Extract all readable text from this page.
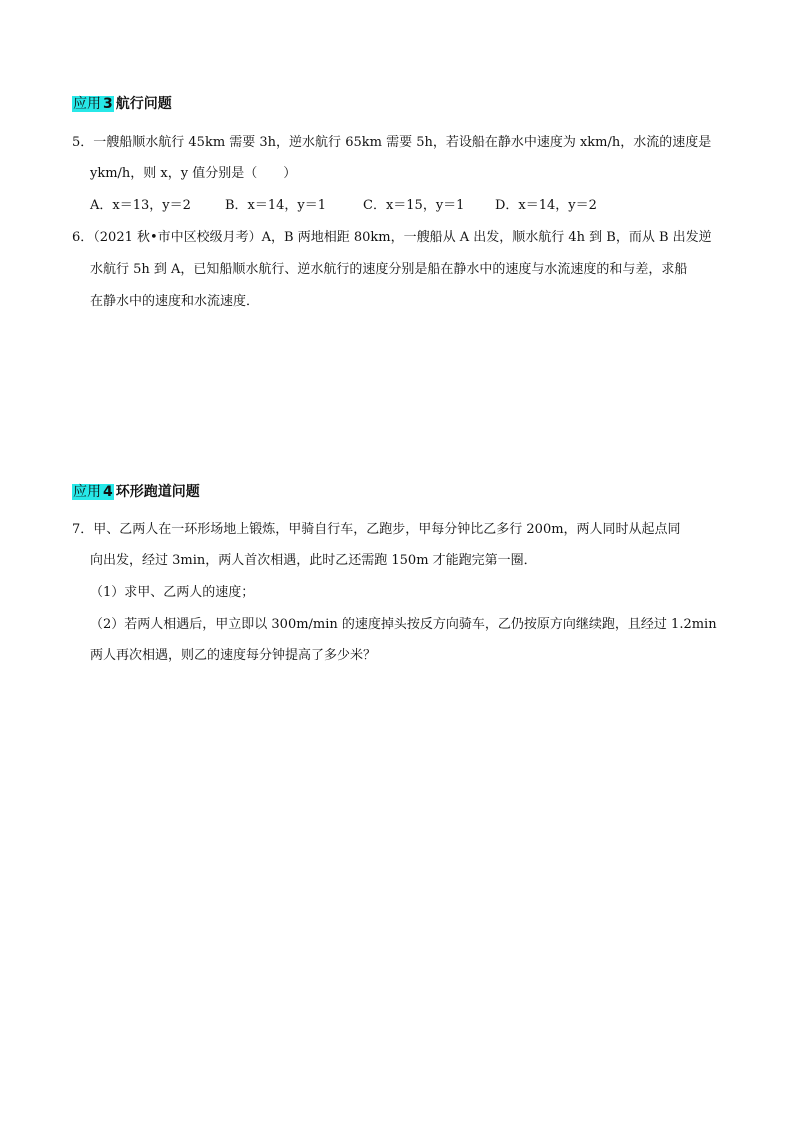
应用 3 航行问题
5．一艘船顺水航行 45km 需要 3h，逆水航行 65km 需要 5h，若设船在静水中速度为 xkm/h，水流的速度是
ykm/h，则 x，y 值分别是（　　）
A．x＝13，y＝2	B．x＝14，y＝1	C．x＝15，y＝1 D．x＝14，y＝2
6．（2021 秋•市中区校级月考）A，B 两地相距 80km，一艘船从 A 出发，顺水航行 4h 到 B，而从 B 出发逆
水航行 5h 到 A，已知船顺水航行、逆水航行的速度分别是船在静水中的速度与水流速度的和与差，求船
在静水中的速度和水流速度．
应用 4 环形跑道问题
7．甲、乙两人在一环形场地上锻炼，甲骑自行车，乙跑步，甲每分钟比乙多行 200m，两人同时从起点同
向出发，经过 3min，两人首次相遇，此时乙还需跑 150m 才能跑完第一圈．
（1）求甲、乙两人的速度；
（2）若两人相遇后，甲立即以 300m/min 的速度掉头按反方向骑车，乙仍按原方向继续跑，且经过 1.2min
两人再次相遇，则乙的速度每分钟提高了多少米？
